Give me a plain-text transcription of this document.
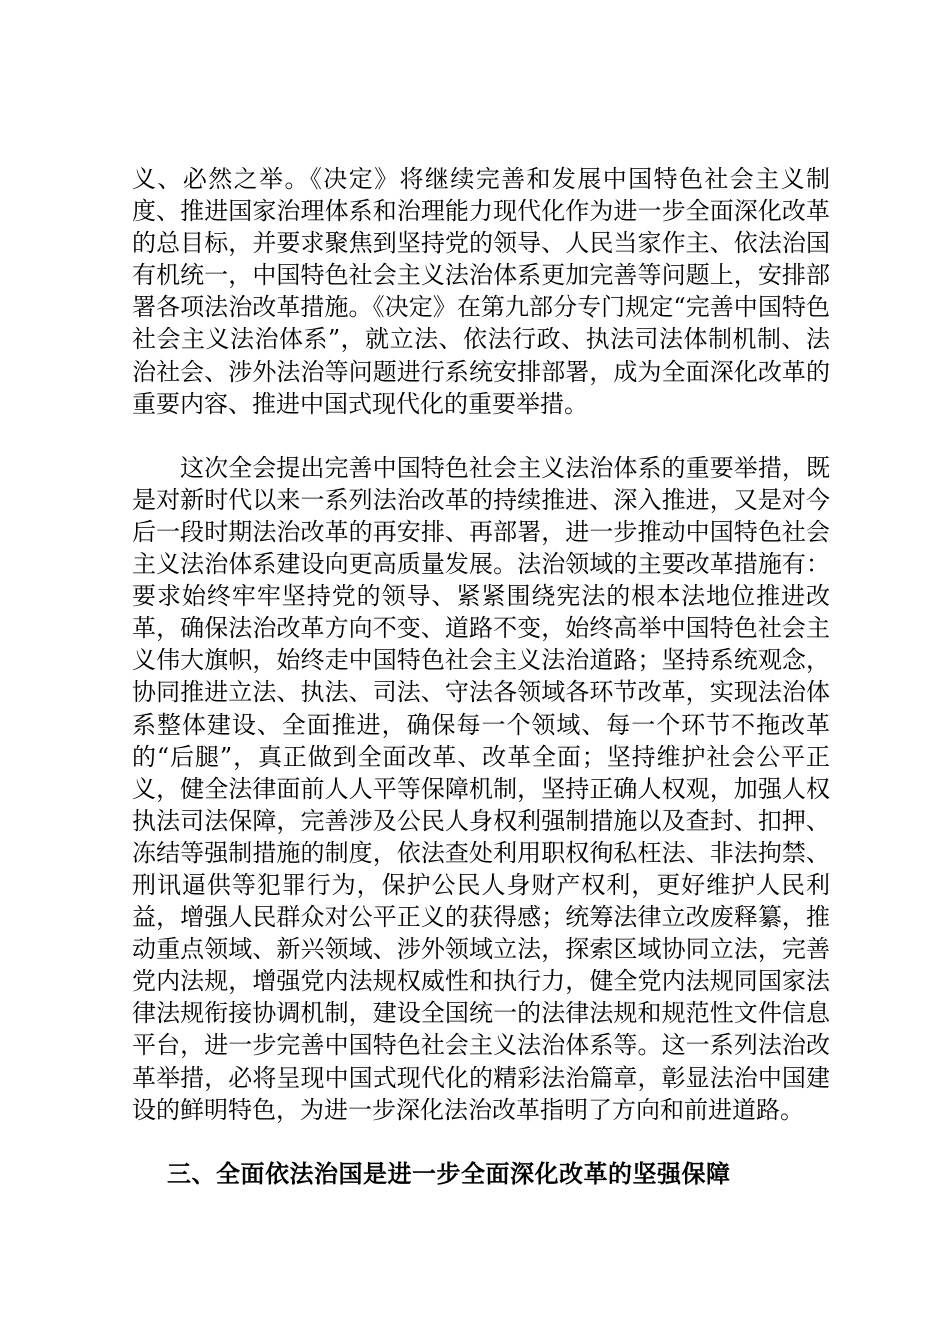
义、必然之举。《决定》将继续完善和发展中国特色社会主义制度、推进国家治理体系和治理能力现代化作为进一步全面深化改革的总目标，并要求聚焦到坚持党的领导、人民当家作主、依法治国有机统一，中国特色社会主义法治体系更加完善等问题上，安排部署各项法治改革措施。《决定》在第九部分专门规定“完善中国特色社会主义法治体系”，就立法、依法行政、执法司法体制机制、法治社会、涉外法治等问题进行系统安排部署，成为全面深化改革的重要内容、推进中国式现代化的重要举措。

这次全会提出完善中国特色社会主义法治体系的重要举措，既是对新时代以来一系列法治改革的持续推进、深入推进，又是对今后一段时期法治改革的再安排、再部署，进一步推动中国特色社会主义法治体系建设向更高质量发展。法治领域的主要改革措施有：要求始终牢牢坚持党的领导、紧紧围绕宪法的根本法地位推进改革，确保法治改革方向不变、道路不变，始终高举中国特色社会主义伟大旗帜，始终走中国特色社会主义法治道路；坚持系统观念，协同推进立法、执法、司法、守法各领域各环节改革，实现法治体系整体建设、全面推进，确保每一个领域、每一个环节不拖改革的“后腿”，真正做到全面改革、改革全面；坚持维护社会公平正义，健全法律面前人人平等保障机制，坚持正确人权观，加强人权执法司法保障，完善涉及公民人身权利强制措施以及查封、扣押、冻结等强制措施的制度，依法查处利用职权徇私枉法、非法拘禁、刑讯逼供等犯罪行为，保护公民人身财产权利，更好维护人民利益，增强人民群众对公平正义的获得感；统筹法律立改废释纂，推动重点领域、新兴领域、涉外领域立法，探索区域协同立法，完善党内法规，增强党内法规权威性和执行力，健全党内法规同国家法律法规衔接协调机制，建设全国统一的法律法规和规范性文件信息平台，进一步完善中国特色社会主义法治体系等。这一系列法治改革举措，必将呈现中国式现代化的精彩法治篇章，彰显法治中国建设的鲜明特色，为进一步深化法治改革指明了方向和前进道路。

三、全面依法治国是进一步全面深化改革的坚强保障
